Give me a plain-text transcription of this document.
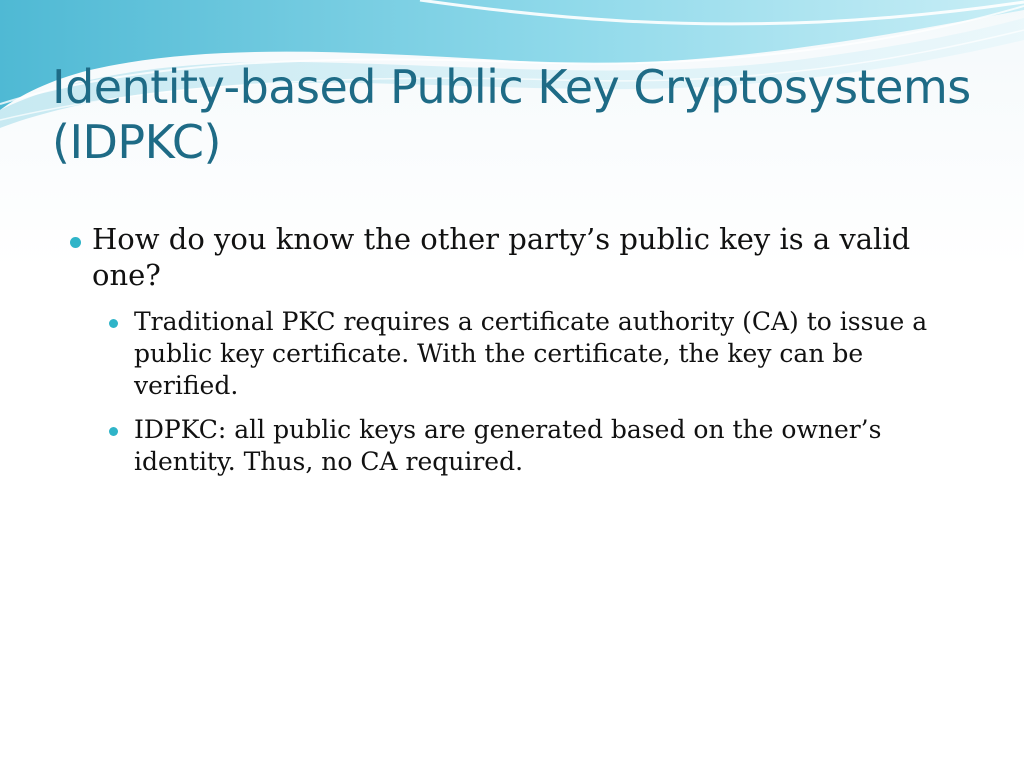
Identity-based Public Key Cryptosystems (IDPKC)

How do you know the other party’s public key is a valid one?

Traditional PKC requires a certificate authority (CA) to issue a public key certificate. With the certificate, the key can be verified.
IDPKC: all public keys are generated based on the owner’s identity. Thus, no CA required.
